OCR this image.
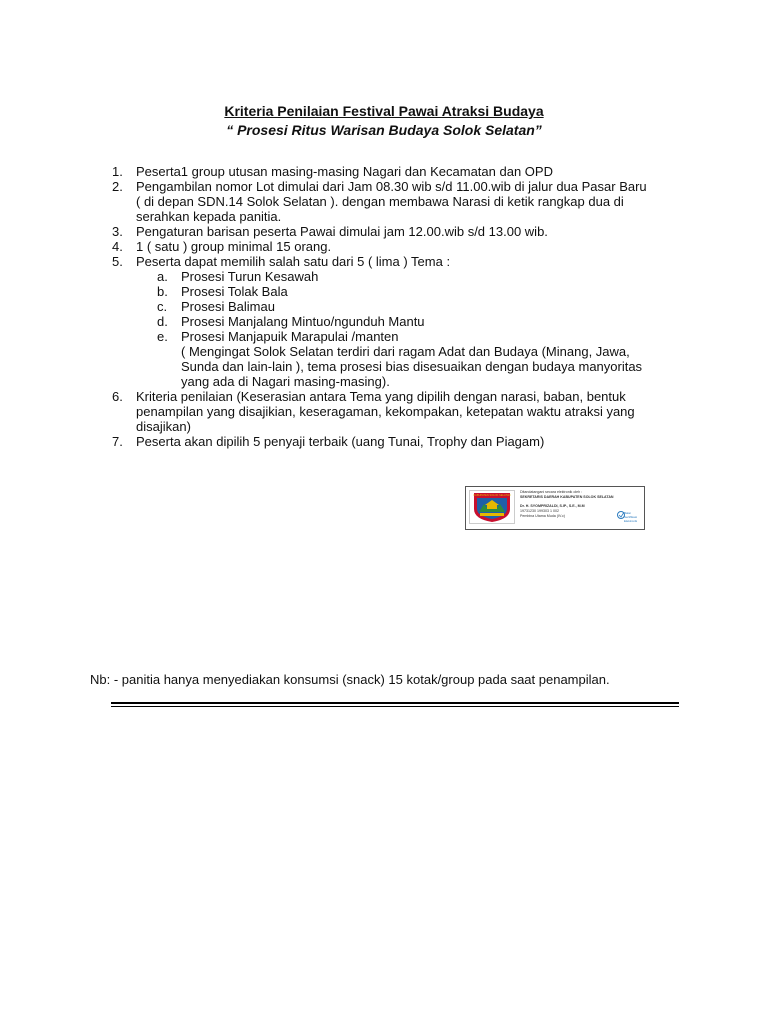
Kriteria Penilaian Festival Pawai Atraksi Budaya
“ Prosesi Ritus Warisan Budaya Solok Selatan”
1. Peserta1 group utusan masing-masing Nagari dan Kecamatan dan OPD
2. Pengambilan nomor Lot dimulai dari Jam 08.30 wib s/d 11.00.wib di jalur dua Pasar Baru
( di depan SDN.14 Solok Selatan ). dengan membawa Narasi di ketik rangkap dua di
serahkan kepada panitia.
3. Pengaturan barisan peserta Pawai dimulai jam 12.00.wib s/d 13.00 wib.
4. 1 ( satu ) group minimal 15 orang.
5. Peserta dapat memilih salah satu dari 5 ( lima ) Tema :
a. Prosesi Turun Kesawah
b. Prosesi Tolak Bala
c. Prosesi Balimau
d. Prosesi Manjalang Mintuo/ngunduh Mantu
e. Prosesi Manjapuik Marapulai /manten
( Mengingat Solok Selatan terdiri dari ragam Adat dan Budaya (Minang, Jawa,
Sunda dan lain-lain ), tema prosesi bias disesuaikan dengan budaya manyoritas
yang ada di Nagari masing-masing).
6. Kriteria penilaian (Keserasian antara Tema yang dipilih dengan narasi, baban, bentuk
penampilan yang disajikian, keseragaman, kekompakan, ketepatan waktu atraksi yang
disajikan)
7. Peserta akan dipilih 5 penyaji terbaik (uang Tunai, Trophy dan Piagam)
KABUPATEN SOLOK SELATAN
Ditandatangani secara elektronik oleh :
SEKRETARIS DAERAH KABUPATEN SOLOK SELATAN
Dr. H. SYOMPRIZALDI, S.IP., S.E., M.M
19731230 199303 1 002
Pembina Utama Muda (IV.c)
Balai Sertifikasi Elektronik
Nb: - panitia hanya menyediakan konsumsi (snack) 15 kotak/group pada saat penampilan.
